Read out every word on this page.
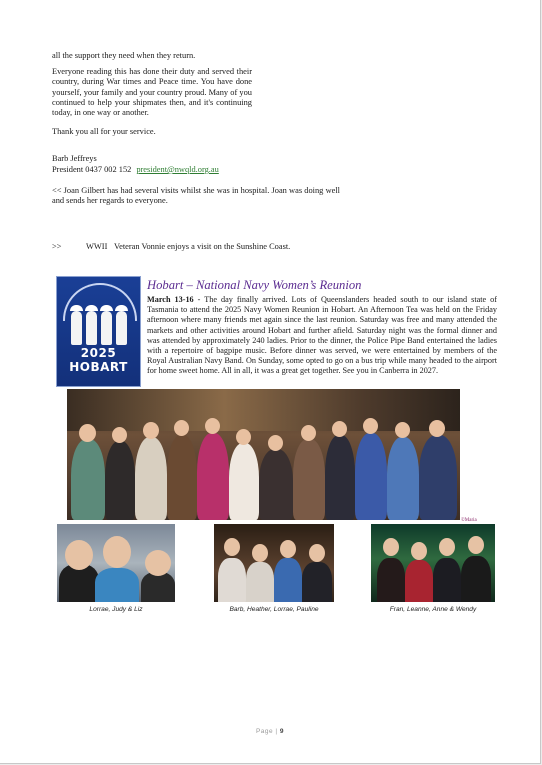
all the support they need when they return.
Everyone reading this has done their duty and served their country, during War times and Peace time. You have done yourself, your family and your country proud. Many of you continued to help your shipmates then, and it's continuing today, in one way or another.
Thank you all for your service.
Barb Jeffreys
President 0437 002 152 president@nwqld.org.au
<< Joan Gilbert has had several visits whilst she was in hospital. Joan was doing well and sends her regards to everyone.
>>	WWII Veteran Vonnie enjoys a visit on the Sunshine Coast.
2025 HOBART
Hobart – National Navy Women’s Reunion
March 13-16 - The day finally arrived. Lots of Queenslanders headed south to our island state of Tasmania to attend the 2025 Navy Women Reunion in Hobart. An Afternoon Tea was held on the Friday afternoon where many friends met again since the last reunion. Saturday was free and many attended the markets and other activities around Hobart and further afield. Saturday night was the formal dinner and was attended by approximately 240 ladies. Prior to the dinner, the Police Pipe Band entertained the ladies with a repertoire of bagpipe music. Before dinner was served, we were entertained by members of the Royal Australian Navy Band. On Sunday, some opted to go on a bus trip while many headed to the airport for home sweet home. All in all, it was a great get together. See you in Canberra in 2027.
©Maria
Lorrae, Judy & Liz	Barb, Heather, Lorrae, Pauline	Fran, Leanne, Anne & Wendy
Page | 9
